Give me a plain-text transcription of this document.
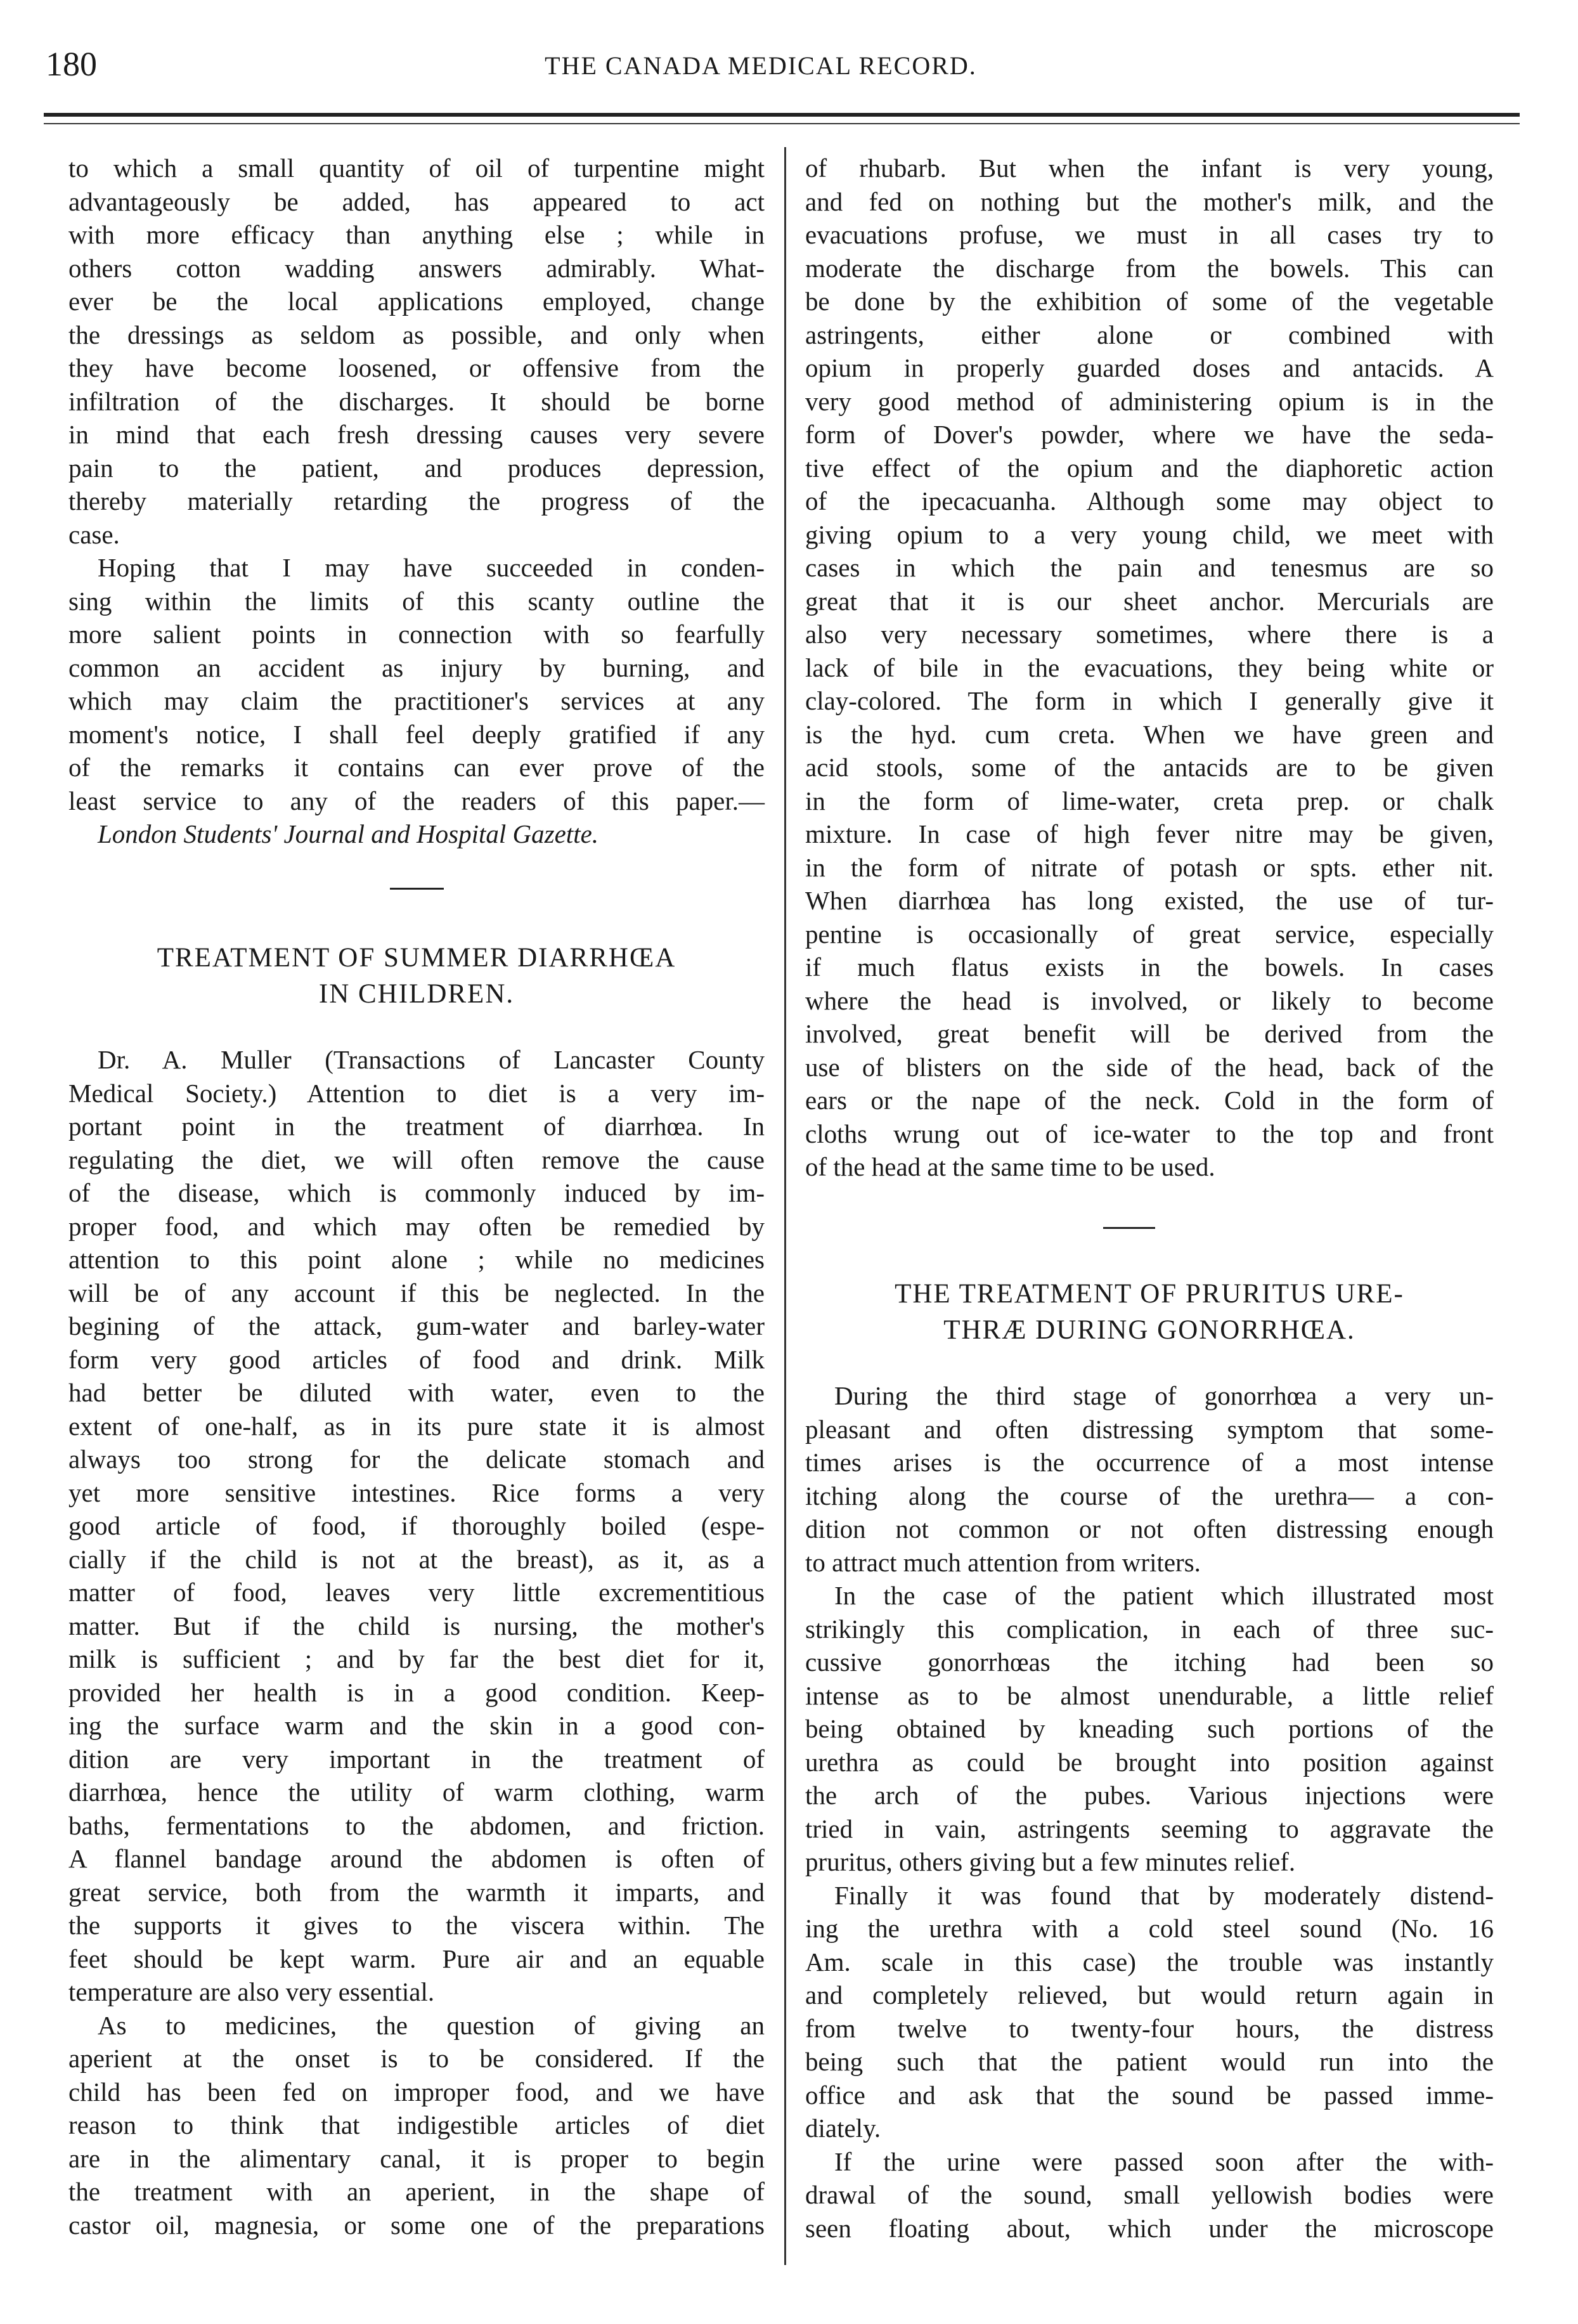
180	THE CANADA MEDICAL RECORD.
to which a small quantity of oil of turpentine might
advantageously be added, has appeared to act
with more efficacy than anything else ; while in
others cotton wadding answers admirably. What-
ever be the local applications employed, change
the dressings as seldom as possible, and only when
they have become loosened, or offensive from the
infiltration of the discharges. It should be borne
in mind that each fresh dressing causes very severe
pain to the patient, and produces depression,
thereby materially retarding the progress of the
case.
Hoping that I may have succeeded in conden-
sing within the limits of this scanty outline the
more salient points in connection with so fearfully
common an accident as injury by burning, and
which may claim the practitioner's services at any
moment's notice, I shall feel deeply gratified if any
of the remarks it contains can ever prove of the
least service to any of the readers of this paper.—
London Students' Journal and Hospital Gazette.
TREATMENT OF SUMMER DIARRHŒA
IN CHILDREN.
Dr. A. Muller (Transactions of Lancaster County
Medical Society.) Attention to diet is a very im-
portant point in the treatment of diarrhœa. In
regulating the diet, we will often remove the cause
of the disease, which is commonly induced by im-
proper food, and which may often be remedied by
attention to this point alone ; while no medicines
will be of any account if this be neglected. In the
begining of the attack, gum-water and barley-water
form very good articles of food and drink. Milk
had better be diluted with water, even to the
extent of one-half, as in its pure state it is almost
always too strong for the delicate stomach and
yet more sensitive intestines. Rice forms a very
good article of food, if thoroughly boiled (espe-
cially if the child is not at the breast), as it, as a
matter of food, leaves very little excrementitious
matter. But if the child is nursing, the mother's
milk is sufficient ; and by far the best diet for it,
provided her health is in a good condition. Keep-
ing the surface warm and the skin in a good con-
dition are very important in the treatment of
diarrhœa, hence the utility of warm clothing, warm
baths, fermentations to the abdomen, and friction.
A flannel bandage around the abdomen is often of
great service, both from the warmth it imparts, and
the supports it gives to the viscera within. The
feet should be kept warm. Pure air and an equable
temperature are also very essential.
As to medicines, the question of giving an
aperient at the onset is to be considered. If the
child has been fed on improper food, and we have
reason to think that indigestible articles of diet
are in the alimentary canal, it is proper to begin
the treatment with an aperient, in the shape of
castor oil, magnesia, or some one of the preparations
of rhubarb. But when the infant is very young,
and fed on nothing but the mother's milk, and the
evacuations profuse, we must in all cases try to
moderate the discharge from the bowels. This can
be done by the exhibition of some of the vegetable
astringents, either alone or combined with
opium in properly guarded doses and antacids. A
very good method of administering opium is in the
form of Dover's powder, where we have the seda-
tive effect of the opium and the diaphoretic action
of the ipecacuanha. Although some may object to
giving opium to a very young child, we meet with
cases in which the pain and tenesmus are so
great that it is our sheet anchor. Mercurials are
also very necessary sometimes, where there is a
lack of bile in the evacuations, they being white or
clay-colored. The form in which I generally give it
is the hyd. cum creta. When we have green and
acid stools, some of the antacids are to be given
in the form of lime-water, creta prep. or chalk
mixture. In case of high fever nitre may be given,
in the form of nitrate of potash or spts. ether nit.
When diarrhœa has long existed, the use of tur-
pentine is occasionally of great service, especially
if much flatus exists in the bowels. In cases
where the head is involved, or likely to become
involved, great benefit will be derived from the
use of blisters on the side of the head, back of the
ears or the nape of the neck. Cold in the form of
cloths wrung out of ice-water to the top and front
of the head at the same time to be used.
THE TREATMENT OF PRURITUS URE-
THRÆ DURING GONORRHŒA.
During the third stage of gonorrhœa a very un-
pleasant and often distressing symptom that some-
times arises is the occurrence of a most intense
itching along the course of the urethra— a con-
dition not common or not often distressing enough
to attract much attention from writers.
In the case of the patient which illustrated most
strikingly this complication, in each of three suc-
cussive gonorrhœas the itching had been so
intense as to be almost unendurable, a little relief
being obtained by kneading such portions of the
urethra as could be brought into position against
the arch of the pubes. Various injections were
tried in vain, astringents seeming to aggravate the
pruritus, others giving but a few minutes relief.
Finally it was found that by moderately distend-
ing the urethra with a cold steel sound (No. 16
Am. scale in this case) the trouble was instantly
and completely relieved, but would return again in
from twelve to twenty-four hours, the distress
being such that the patient would run into the
office and ask that the sound be passed imme-
diately.
If the urine were passed soon after the with-
drawal of the sound, small yellowish bodies were
seen floating about, which under the microscope
